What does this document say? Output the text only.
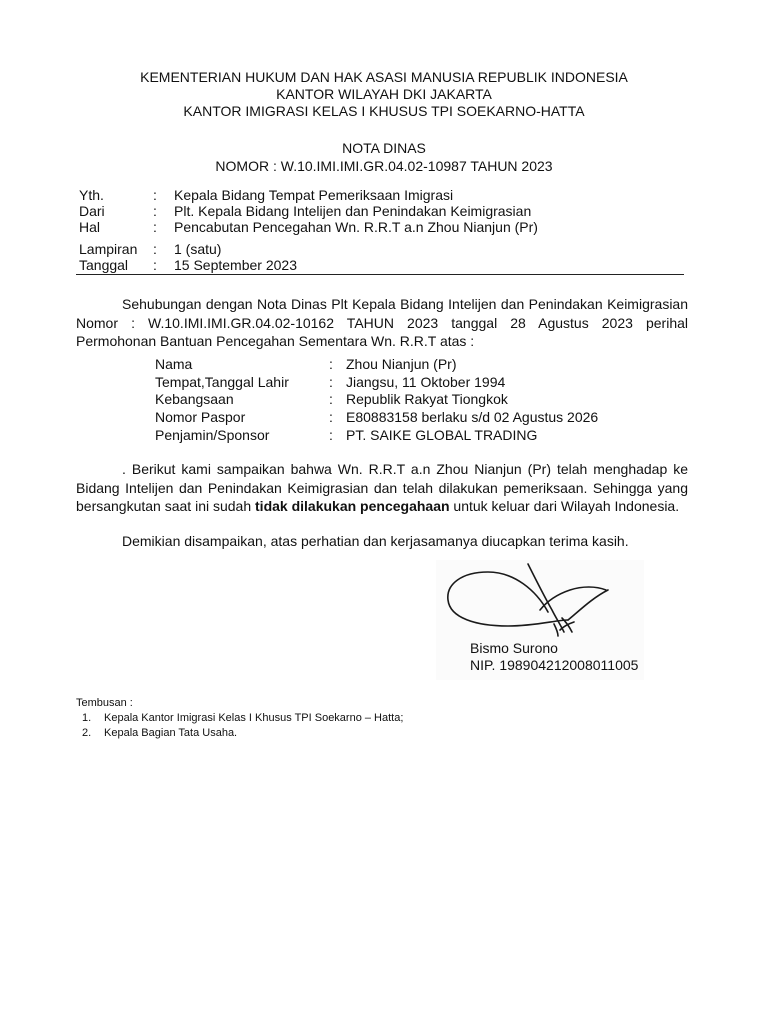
KEMENTERIAN HUKUM DAN HAK ASASI MANUSIA REPUBLIK INDONESIA
KANTOR WILAYAH DKI JAKARTA
KANTOR IMIGRASI KELAS I KHUSUS TPI SOEKARNO-HATTA
NOTA DINAS
NOMOR : W.10.IMI.IMI.GR.04.02-10987 TAHUN 2023
Yth.	: Kepala Bidang Tempat Pemeriksaan Imigrasi
Dari	: Plt. Kepala Bidang Intelijen dan Penindakan Keimigrasian
Hal	: Pencabutan Pencegahan Wn. R.R.T a.n Zhou Nianjun (Pr)
Lampiran : 1 (satu)
Tanggal : 15 September 2023
Sehubungan dengan Nota Dinas Plt Kepala Bidang Intelijen dan Penindakan Keimigrasian Nomor : W.10.IMI.IMI.GR.04.02-10162 TAHUN 2023 tanggal 28 Agustus 2023 perihal Permohonan Bantuan Pencegahan Sementara Wn. R.R.T atas :
Nama	: Zhou Nianjun (Pr)
Tempat,Tanggal Lahir	: Jiangsu, 11 Oktober 1994
Kebangsaan	: Republik Rakyat Tiongkok
Nomor Paspor	: E80883158 berlaku s/d 02 Agustus 2026
Penjamin/Sponsor	: PT. SAIKE GLOBAL TRADING
. Berikut kami sampaikan bahwa Wn. R.R.T a.n Zhou Nianjun (Pr) telah menghadap ke Bidang Intelijen dan Penindakan Keimigrasian dan telah dilakukan pemeriksaan. Sehingga yang bersangkutan saat ini sudah tidak dilakukan pencegahaan untuk keluar dari Wilayah Indonesia.
Demikian disampaikan, atas perhatian dan kerjasamanya diucapkan terima kasih.
Bismo Surono
NIP. 198904212008011005
Tembusan :
1. Kepala Kantor Imigrasi Kelas I Khusus TPI Soekarno – Hatta;
2. Kepala Bagian Tata Usaha.
